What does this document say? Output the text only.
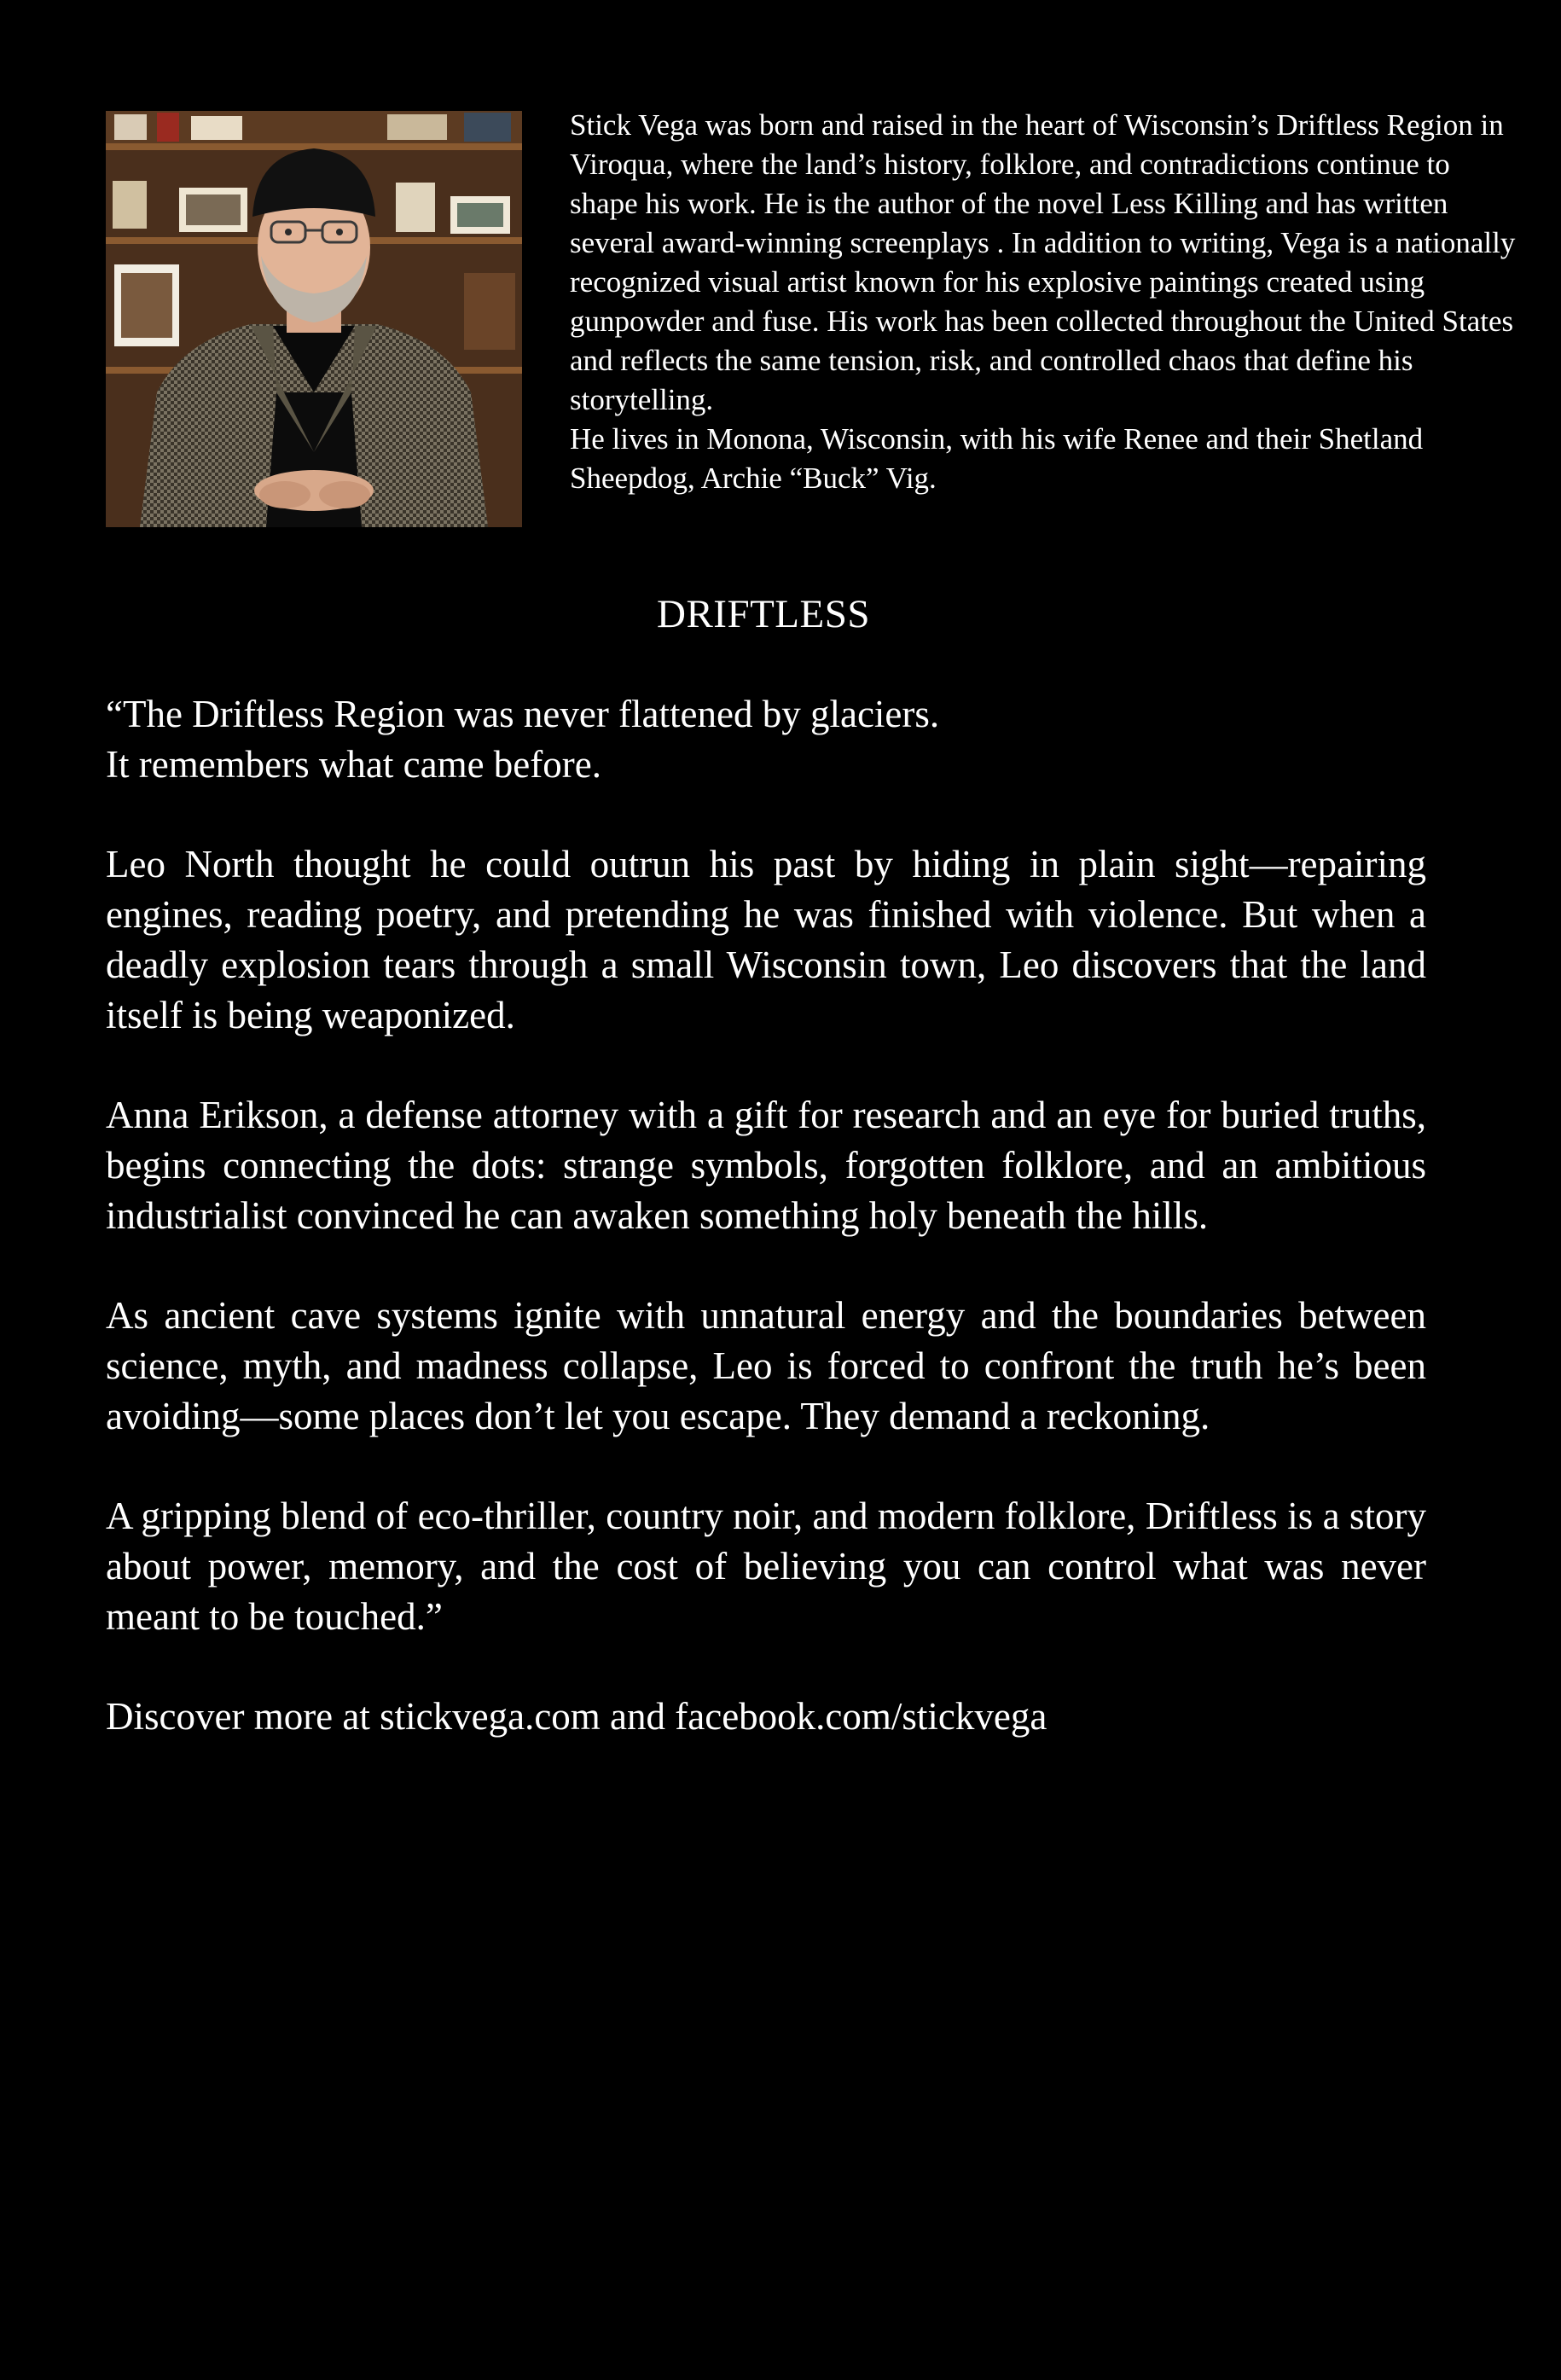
Stick Vega was born and raised in the heart of Wisconsin’s Driftless Region in Viroqua, where the land’s history, folklore, and contradictions continue to shape his work. He is the author of the novel Less Killing and has written several award-winning screenplays . In addition to writing, Vega is a nationally recognized visual artist known for his explosive paintings created using gunpowder and fuse. His work has been collected throughout the United States and reflects the same tension, risk, and controlled chaos that define his storytelling.

He lives in Monona, Wisconsin, with his wife Renee and their Shetland Sheepdog, Archie “Buck” Vig.

DRIFTLESS

“The Driftless Region was never flattened by glaciers.
It remembers what came before.

Leo North thought he could outrun his past by hiding in plain sight—repairing engines, reading poetry, and pretending he was finished with violence. But when a deadly explosion tears through a small Wisconsin town, Leo discovers that the land itself is being weaponized.

Anna Erikson, a defense attorney with a gift for research and an eye for buried truths, begins connecting the dots: strange symbols, forgotten folklore, and an ambitious industrialist convinced he can awaken something holy beneath the hills.

As ancient cave systems ignite with unnatural energy and the boundaries between science, myth, and madness collapse, Leo is forced to confront the truth he’s been avoiding—some places don’t let you escape. They demand a reckoning.

A gripping blend of eco-thriller, country noir, and modern folklore, Driftless is a story about power, memory, and the cost of believing you can control what was never meant to be touched.”

Discover more at stickvega.com and facebook.com/stickvega
